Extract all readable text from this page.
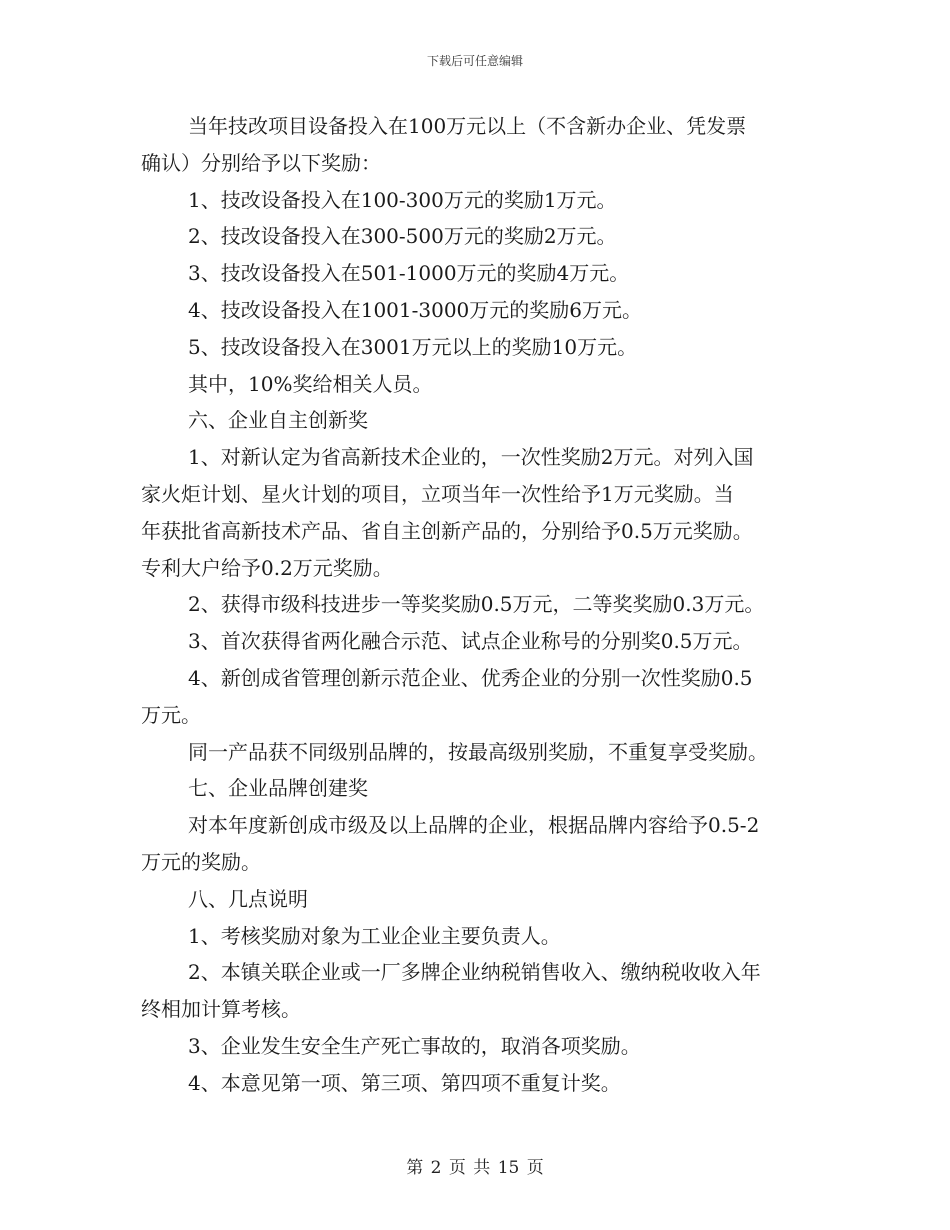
下载后可任意编辑

当年技改项目设备投入在100万元以上（不含新办企业、凭发票

确认）分别给予以下奖励：

1、技改设备投入在100-300万元的奖励1万元。

2、技改设备投入在300-500万元的奖励2万元。

3、技改设备投入在501-1000万元的奖励4万元。

4、技改设备投入在1001-3000万元的奖励6万元。

5、技改设备投入在3001万元以上的奖励10万元。

其中，10%奖给相关人员。

六、企业自主创新奖

1、对新认定为省高新技术企业的，一次性奖励2万元。对列入国

家火炬计划、星火计划的项目，立项当年一次性给予1万元奖励。当

年获批省高新技术产品、省自主创新产品的，分别给予0.5万元奖励。

专利大户给予0.2万元奖励。

2、获得市级科技进步一等奖奖励0.5万元，二等奖奖励0.3万元。

3、首次获得省两化融合示范、试点企业称号的分别奖0.5万元。

4、新创成省管理创新示范企业、优秀企业的分别一次性奖励0.5

万元。

同一产品获不同级别品牌的，按最高级别奖励，不重复享受奖励。

七、企业品牌创建奖

对本年度新创成市级及以上品牌的企业，根据品牌内容给予0.5-2

万元的奖励。

八、几点说明

1、考核奖励对象为工业企业主要负责人。

2、本镇关联企业或一厂多牌企业纳税销售收入、缴纳税收收入年

终相加计算考核。

3、企业发生安全生产死亡事故的，取消各项奖励。

4、本意见第一项、第三项、第四项不重复计奖。

第 2 页 共 15 页
